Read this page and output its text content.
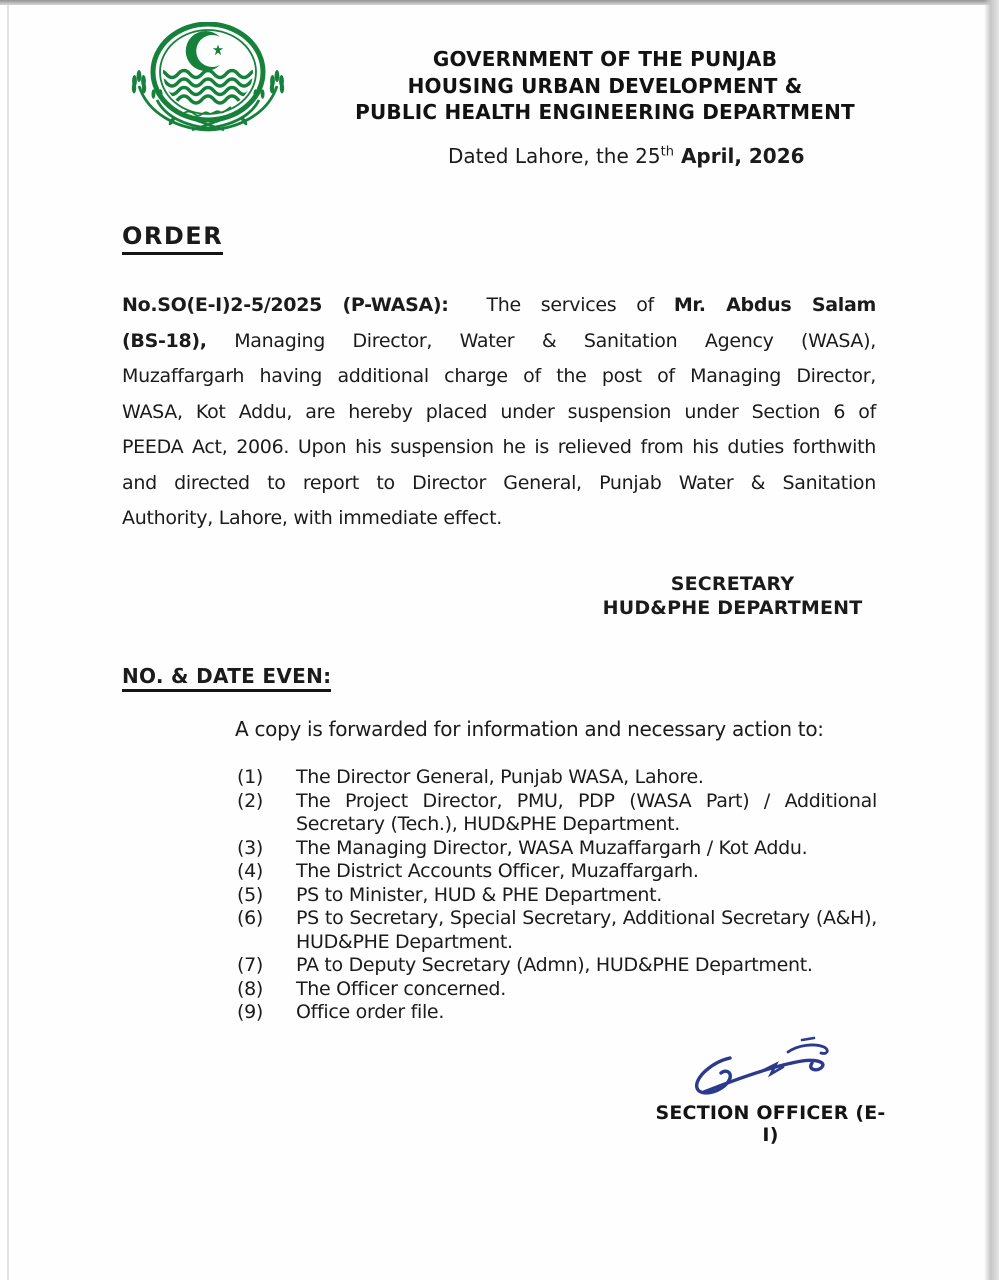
GOVERNMENT OF THE PUNJAB
HOUSING URBAN DEVELOPMENT &
PUBLIC HEALTH ENGINEERING DEPARTMENT
Dated Lahore, the 25th April, 2026
ORDER
No.SO(E-I)2-5/2025 (P-WASA): The services of Mr. Abdus Salam
(BS-18), Managing Director, Water & Sanitation Agency (WASA),
Muzaffargarh having additional charge of the post of Managing Director,
WASA, Kot Addu, are hereby placed under suspension under Section 6 of
PEEDA Act, 2006. Upon his suspension he is relieved from his duties forthwith
and directed to report to Director General, Punjab Water & Sanitation
Authority, Lahore, with immediate effect.
SECRETARY
HUD&PHE DEPARTMENT
NO. & DATE EVEN:
A copy is forwarded for information and necessary action to:
(1)	The Director General, Punjab WASA, Lahore.
(2)	The Project Director, PMU, PDP (WASA Part) / Additional
Secretary (Tech.), HUD&PHE Department.
(3)	The Managing Director, WASA Muzaffargarh / Kot Addu.
(4)	The District Accounts Officer, Muzaffargarh.
(5)	PS to Minister, HUD & PHE Department.
(6)	PS to Secretary, Special Secretary, Additional Secretary (A&H),
HUD&PHE Department.
(7)	PA to Deputy Secretary (Admn), HUD&PHE Department.
(8)	The Officer concerned.
(9)	Office order file.
SECTION OFFICER (E-I)
